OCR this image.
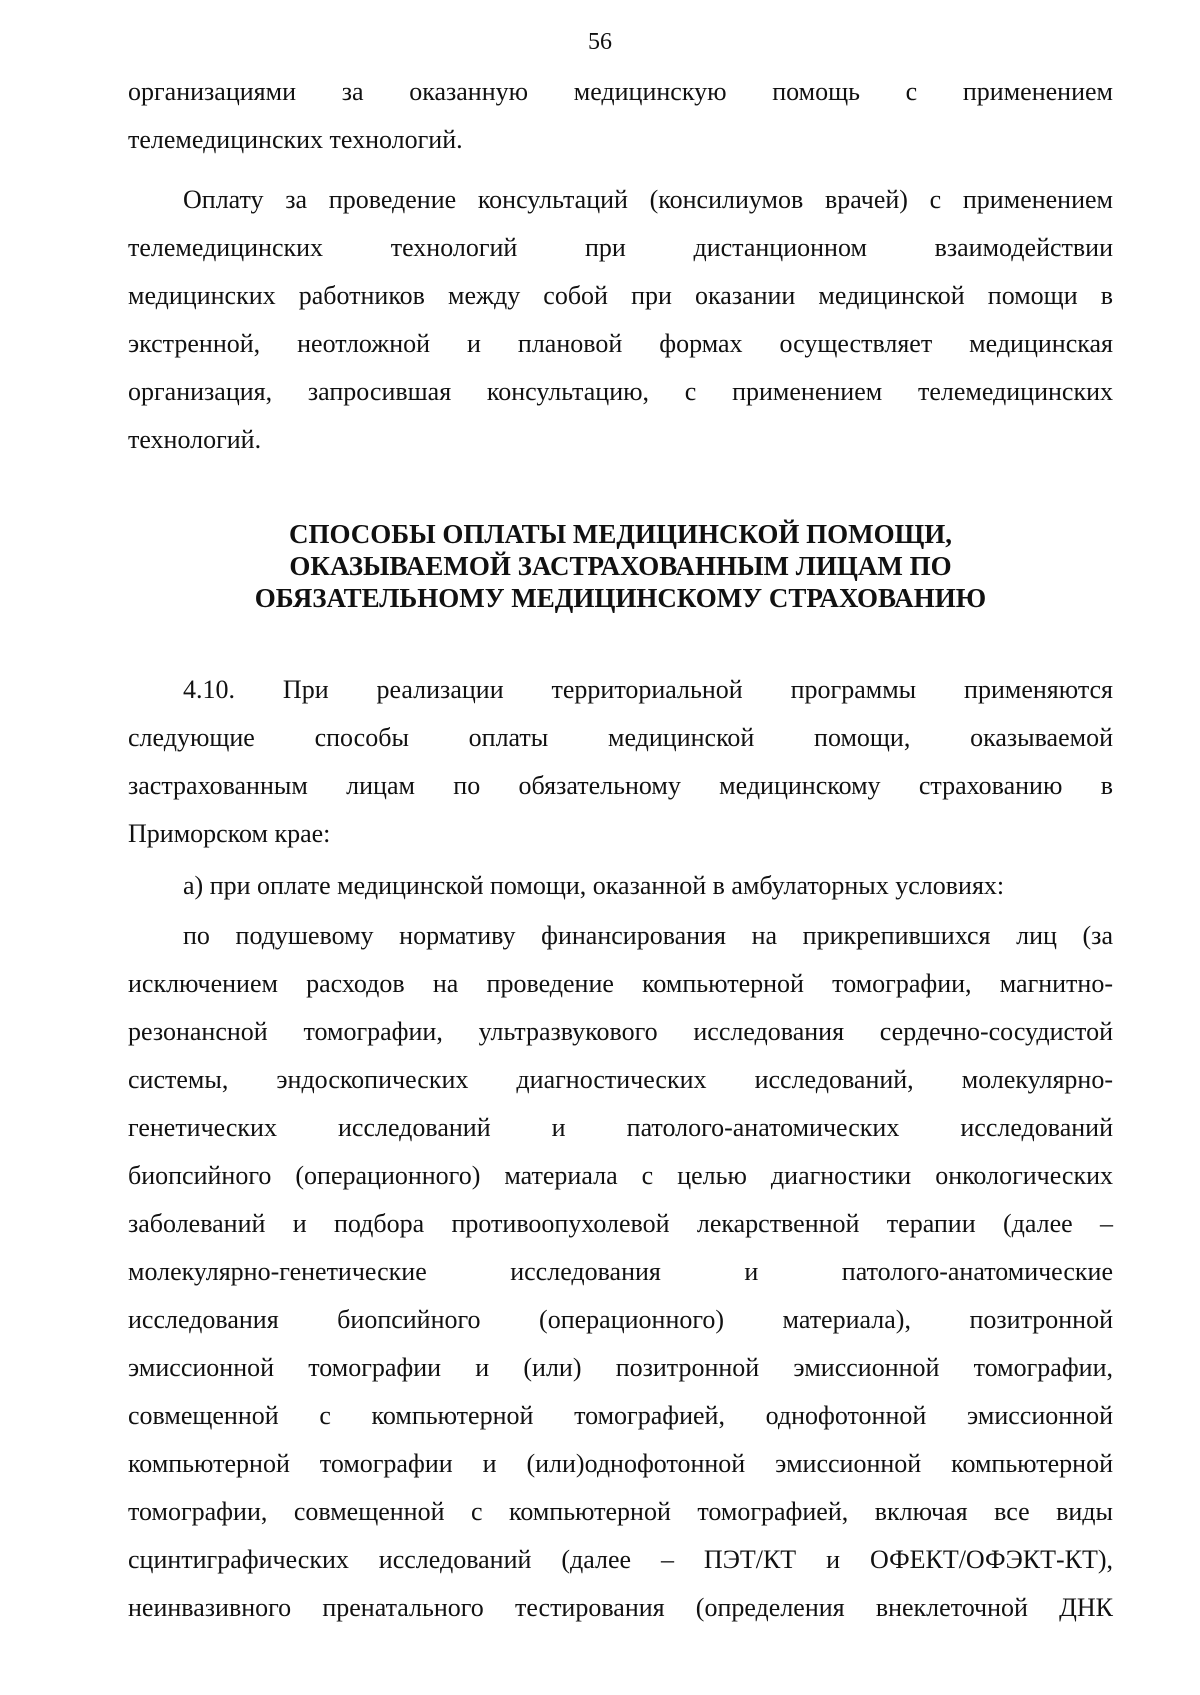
56
организациями за оказанную медицинскую помощь с применением
телемедицинских технологий.
Оплату за проведение консультаций (консилиумов врачей) с применением
телемедицинских технологий при дистанционном взаимодействии
медицинских работников между собой при оказании медицинской помощи в
экстренной, неотложной и плановой формах осуществляет медицинская
организация, запросившая консультацию, с применением телемедицинских
технологий.
СПОСОБЫ ОПЛАТЫ МЕДИЦИНСКОЙ ПОМОЩИ,
ОКАЗЫВАЕМОЙ ЗАСТРАХОВАННЫМ ЛИЦАМ ПО
ОБЯЗАТЕЛЬНОМУ МЕДИЦИНСКОМУ СТРАХОВАНИЮ
4.10. При реализации территориальной программы применяются
следующие способы оплаты медицинской помощи, оказываемой
застрахованным лицам по обязательному медицинскому страхованию в
Приморском крае:
а) при оплате медицинской помощи, оказанной в амбулаторных условиях:
по подушевому нормативу финансирования на прикрепившихся лиц (за
исключением расходов на проведение компьютерной томографии, магнитно-
резонансной томографии, ультразвукового исследования сердечно-сосудистой
системы, эндоскопических диагностических исследований, молекулярно-
генетических исследований и патолого-анатомических исследований
биопсийного (операционного) материала с целью диагностики онкологических
заболеваний и подбора противоопухолевой лекарственной терапии (далее –
молекулярно-генетические исследования и патолого-анатомические
исследования биопсийного (операционного) материала), позитронной
эмиссионной томографии и (или) позитронной эмиссионной томографии,
совмещенной с компьютерной томографией, однофотонной эмиссионной
компьютерной томографии и (или)однофотонной эмиссионной компьютерной
томографии, совмещенной с компьютерной томографией, включая все виды
сцинтиграфических исследований (далее – ПЭТ/КТ и ОФЕКТ/ОФЭКТ-КТ),
неинвазивного пренатального тестирования (определения внеклеточной ДНК
